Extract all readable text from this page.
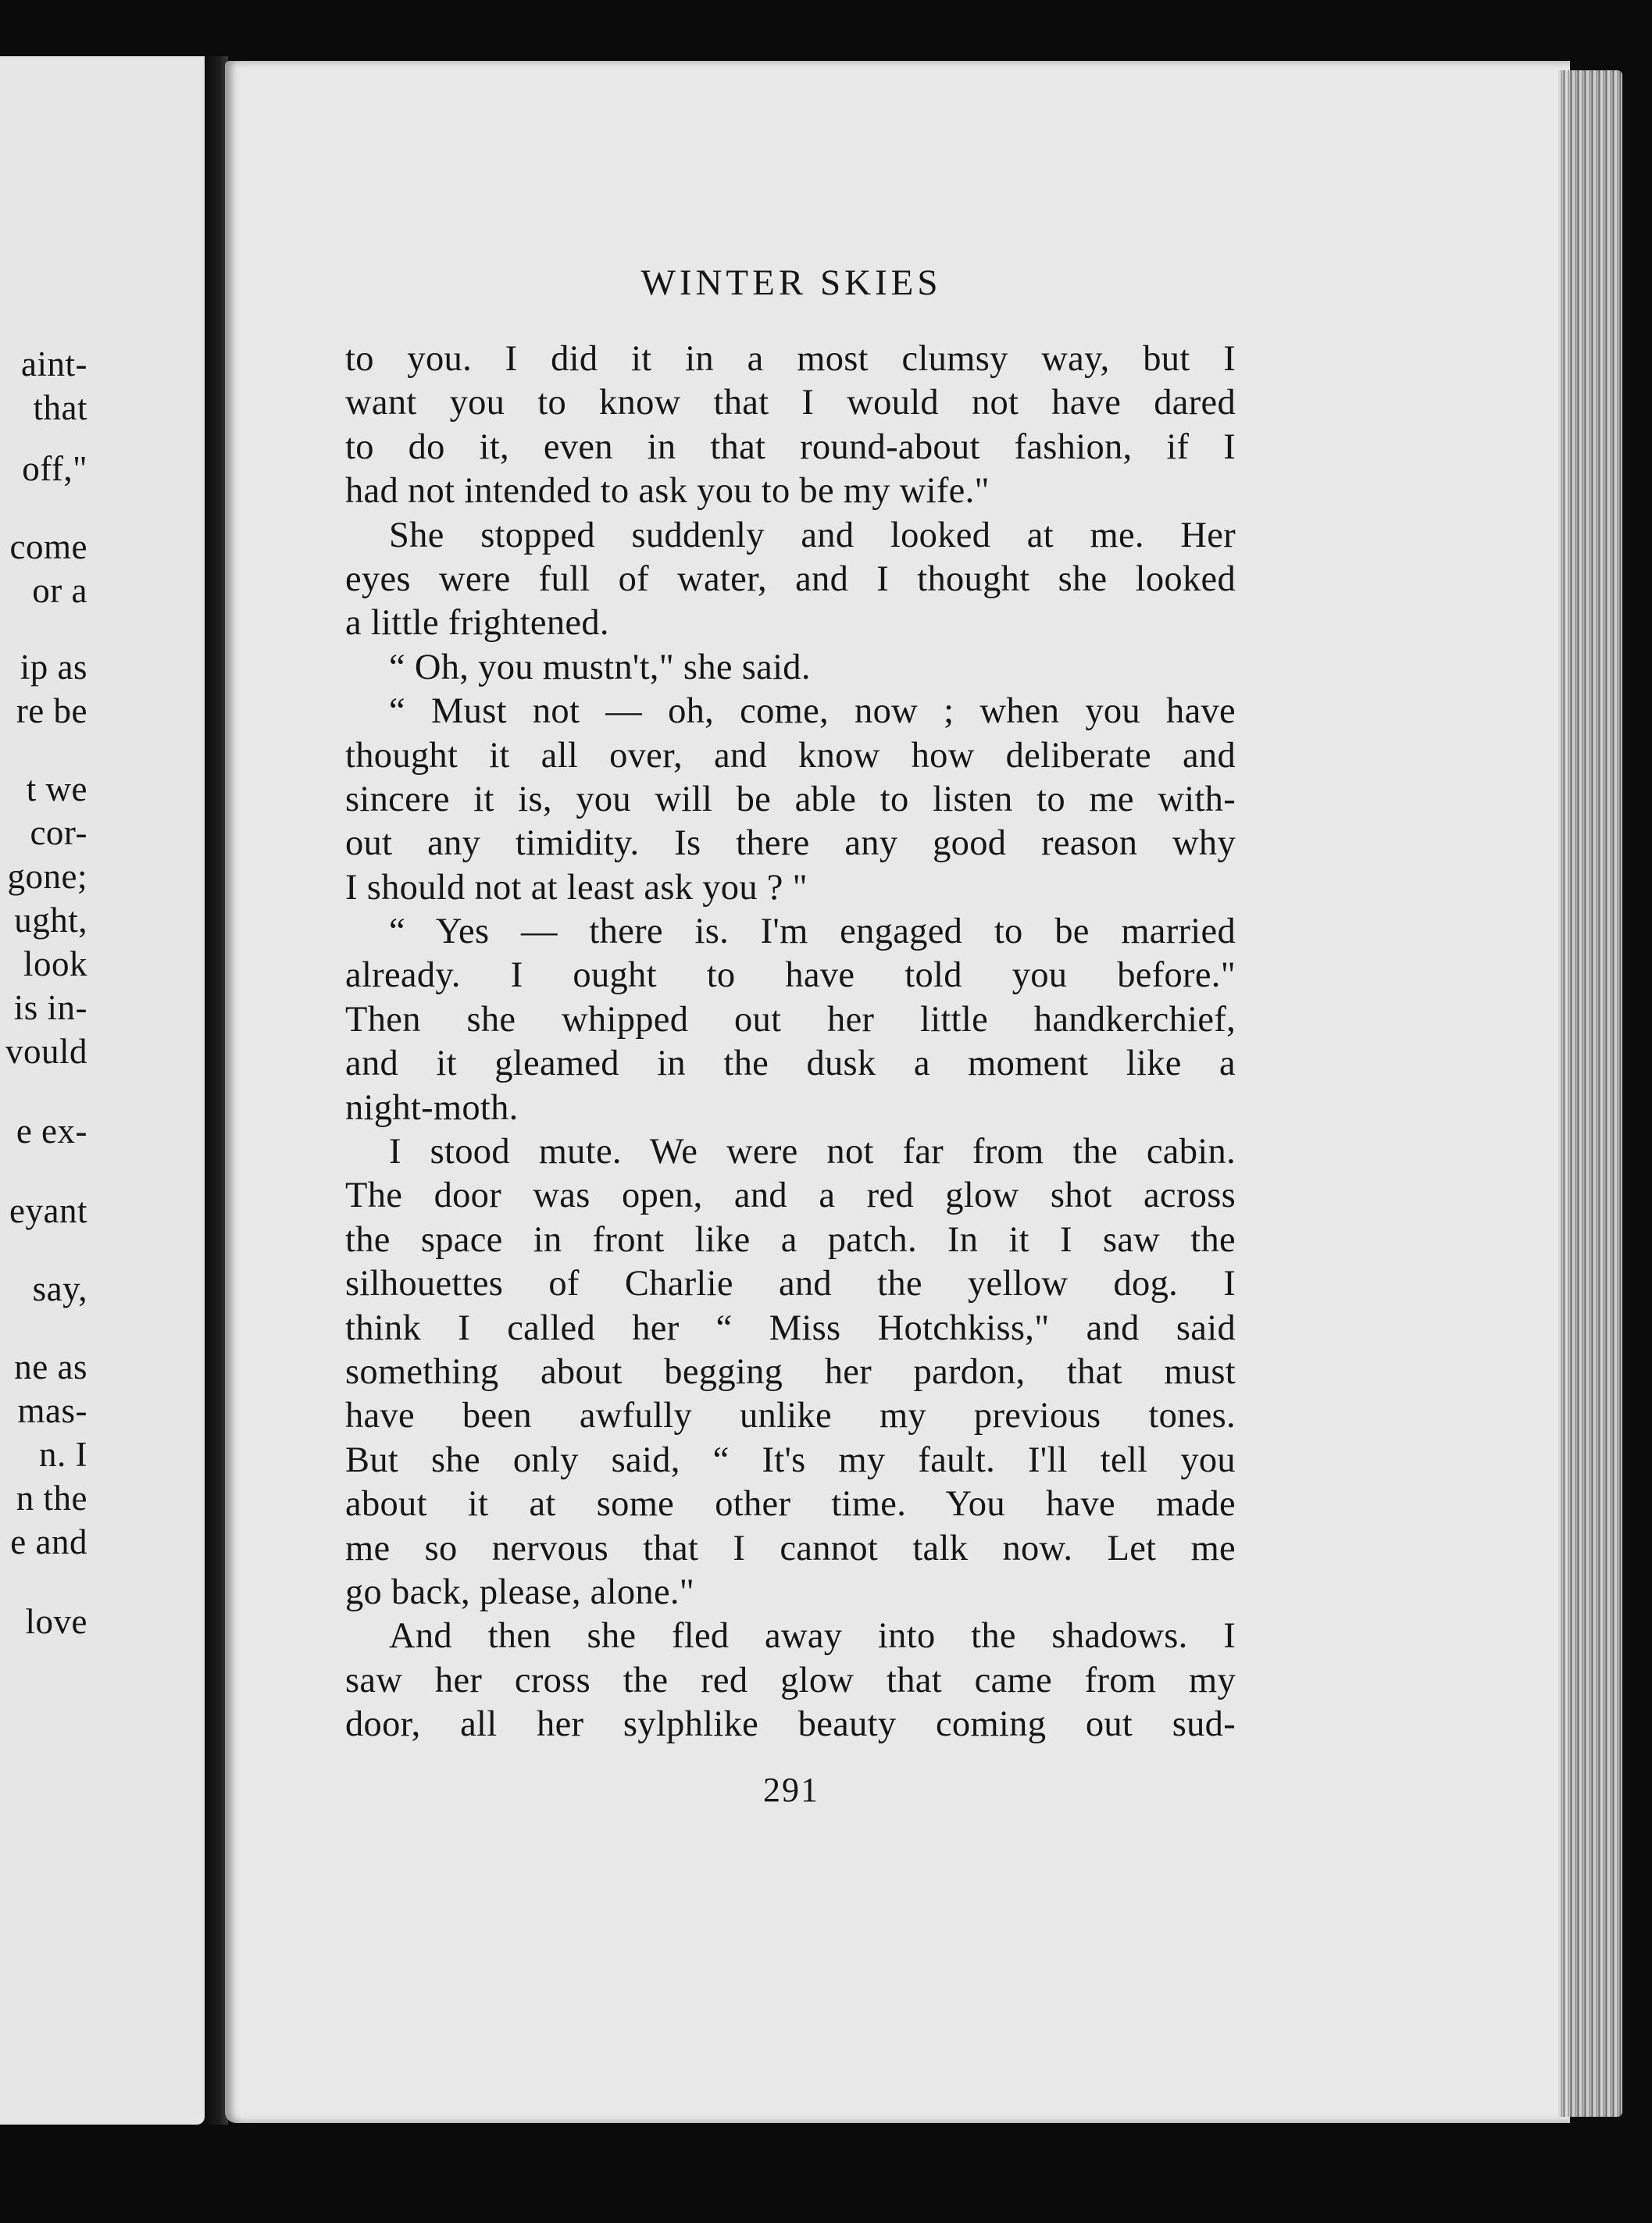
aint-
that
off,"
come
or a
ip as
re be
t we
cor-
gone;
ught,
look
is in-
vould
e ex-
eyant
say,
ne as
mas-
n. I
n the
e and
love
WINTER SKIES
to you. I did it in a most clumsy way, but I
want you to know that I would not have dared
to do it, even in that round-about fashion, if I
had not intended to ask you to be my wife."
She stopped suddenly and looked at me. Her
eyes were full of water, and I thought she looked
a little frightened.
“ Oh, you mustn't," she said.
“ Must not — oh, come, now ; when you have
thought it all over, and know how deliberate and
sincere it is, you will be able to listen to me with-
out any timidity. Is there any good reason why
I should not at least ask you ? "
“ Yes — there is. I'm engaged to be married
already. I ought to have told you before."
Then she whipped out her little handkerchief,
and it gleamed in the dusk a moment like a
night-moth.
I stood mute. We were not far from the cabin.
The door was open, and a red glow shot across
the space in front like a patch. In it I saw the
silhouettes of Charlie and the yellow dog. I
think I called her “ Miss Hotchkiss," and said
something about begging her pardon, that must
have been awfully unlike my previous tones.
But she only said, “ It's my fault. I'll tell you
about it at some other time. You have made
me so nervous that I cannot talk now. Let me
go back, please, alone."
And then she fled away into the shadows. I
saw her cross the red glow that came from my
door, all her sylphlike beauty coming out sud-
291
